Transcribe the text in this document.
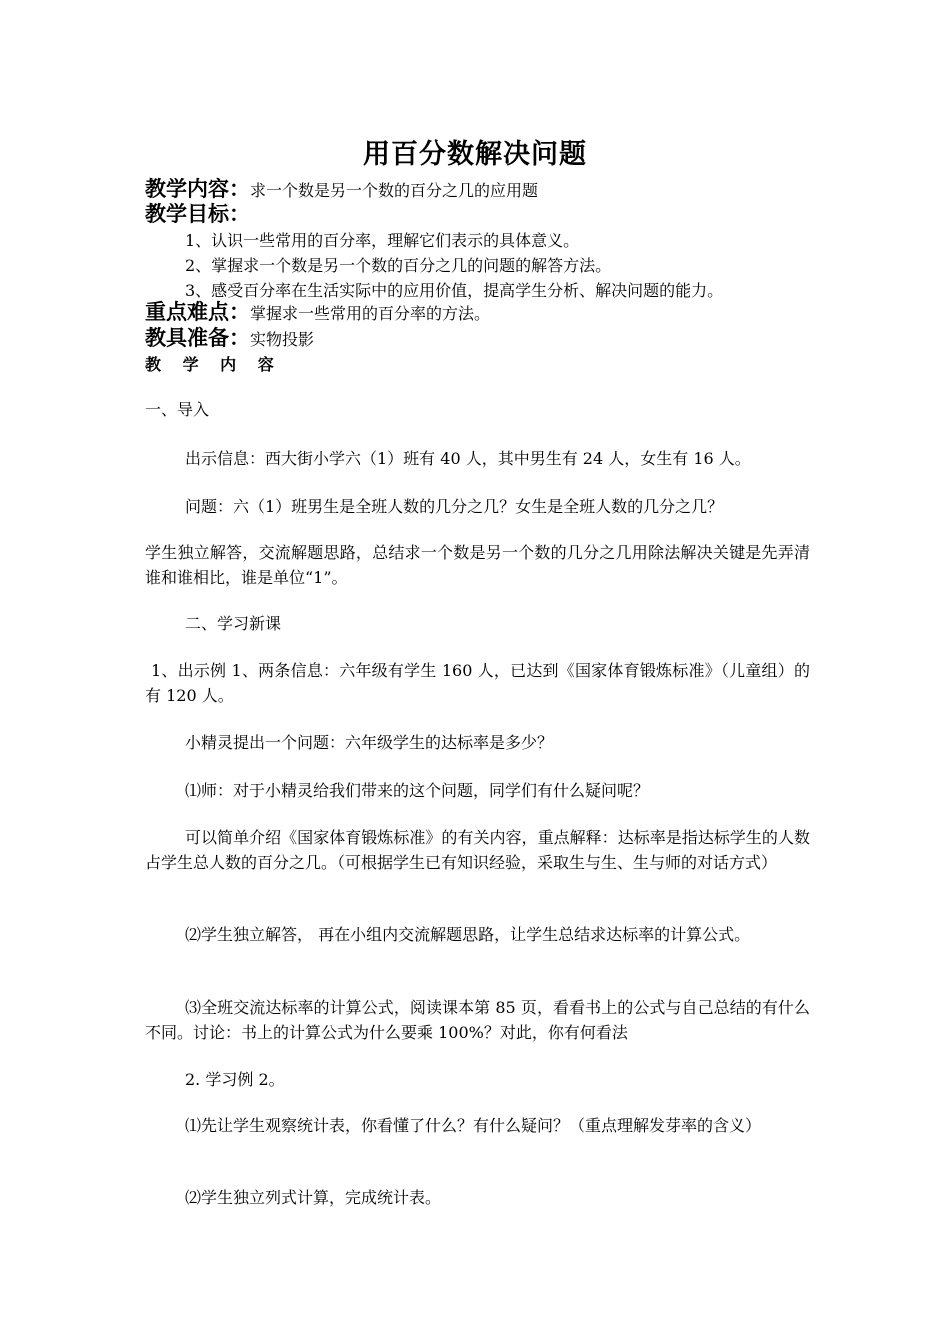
用百分数解决问题
教学内容：求一个数是另一个数的百分之几的应用题
教学目标：
1、认识一些常用的百分率，理解它们表示的具体意义。
2、掌握求一个数是另一个数的百分之几的问题的解答方法。
3、感受百分率在生活实际中的应用价值，提高学生分析、解决问题的能力。
重点难点：掌握求一些常用的百分率的方法。
教具准备：实物投影
教 学 内 容
一、导入
出示信息：西大街小学六（1）班有 40 人，其中男生有 24 人，女生有 16 人。
问题：六（1）班男生是全班人数的几分之几？女生是全班人数的几分之几？
学生独立解答，交流解题思路，总结求一个数是另一个数的几分之几用除法解决关键是先弄清谁和谁相比，谁是单位“1”。
二、学习新课
1、出示例 1、两条信息：六年级有学生 160 人，已达到《国家体育锻炼标准》（儿童组）的有 120 人。
小精灵提出一个问题：六年级学生的达标率是多少？
⑴师：对于小精灵给我们带来的这个问题，同学们有什么疑问呢？
可以简单介绍《国家体育锻炼标准》的有关内容，重点解释：达标率是指达标学生的人数占学生总人数的百分之几。（可根据学生已有知识经验，采取生与生、生与师的对话方式）
⑵学生独立解答， 再在小组内交流解题思路，让学生总结求达标率的计算公式。
⑶全班交流达标率的计算公式，阅读课本第 85 页，看看书上的公式与自己总结的有什么不同。讨论：书上的计算公式为什么要乘 100%？对此，你有何看法
2. 学习例 2。
⑴先让学生观察统计表，你看懂了什么？有什么疑问？（重点理解发芽率的含义）
⑵学生独立列式计算，完成统计表。
